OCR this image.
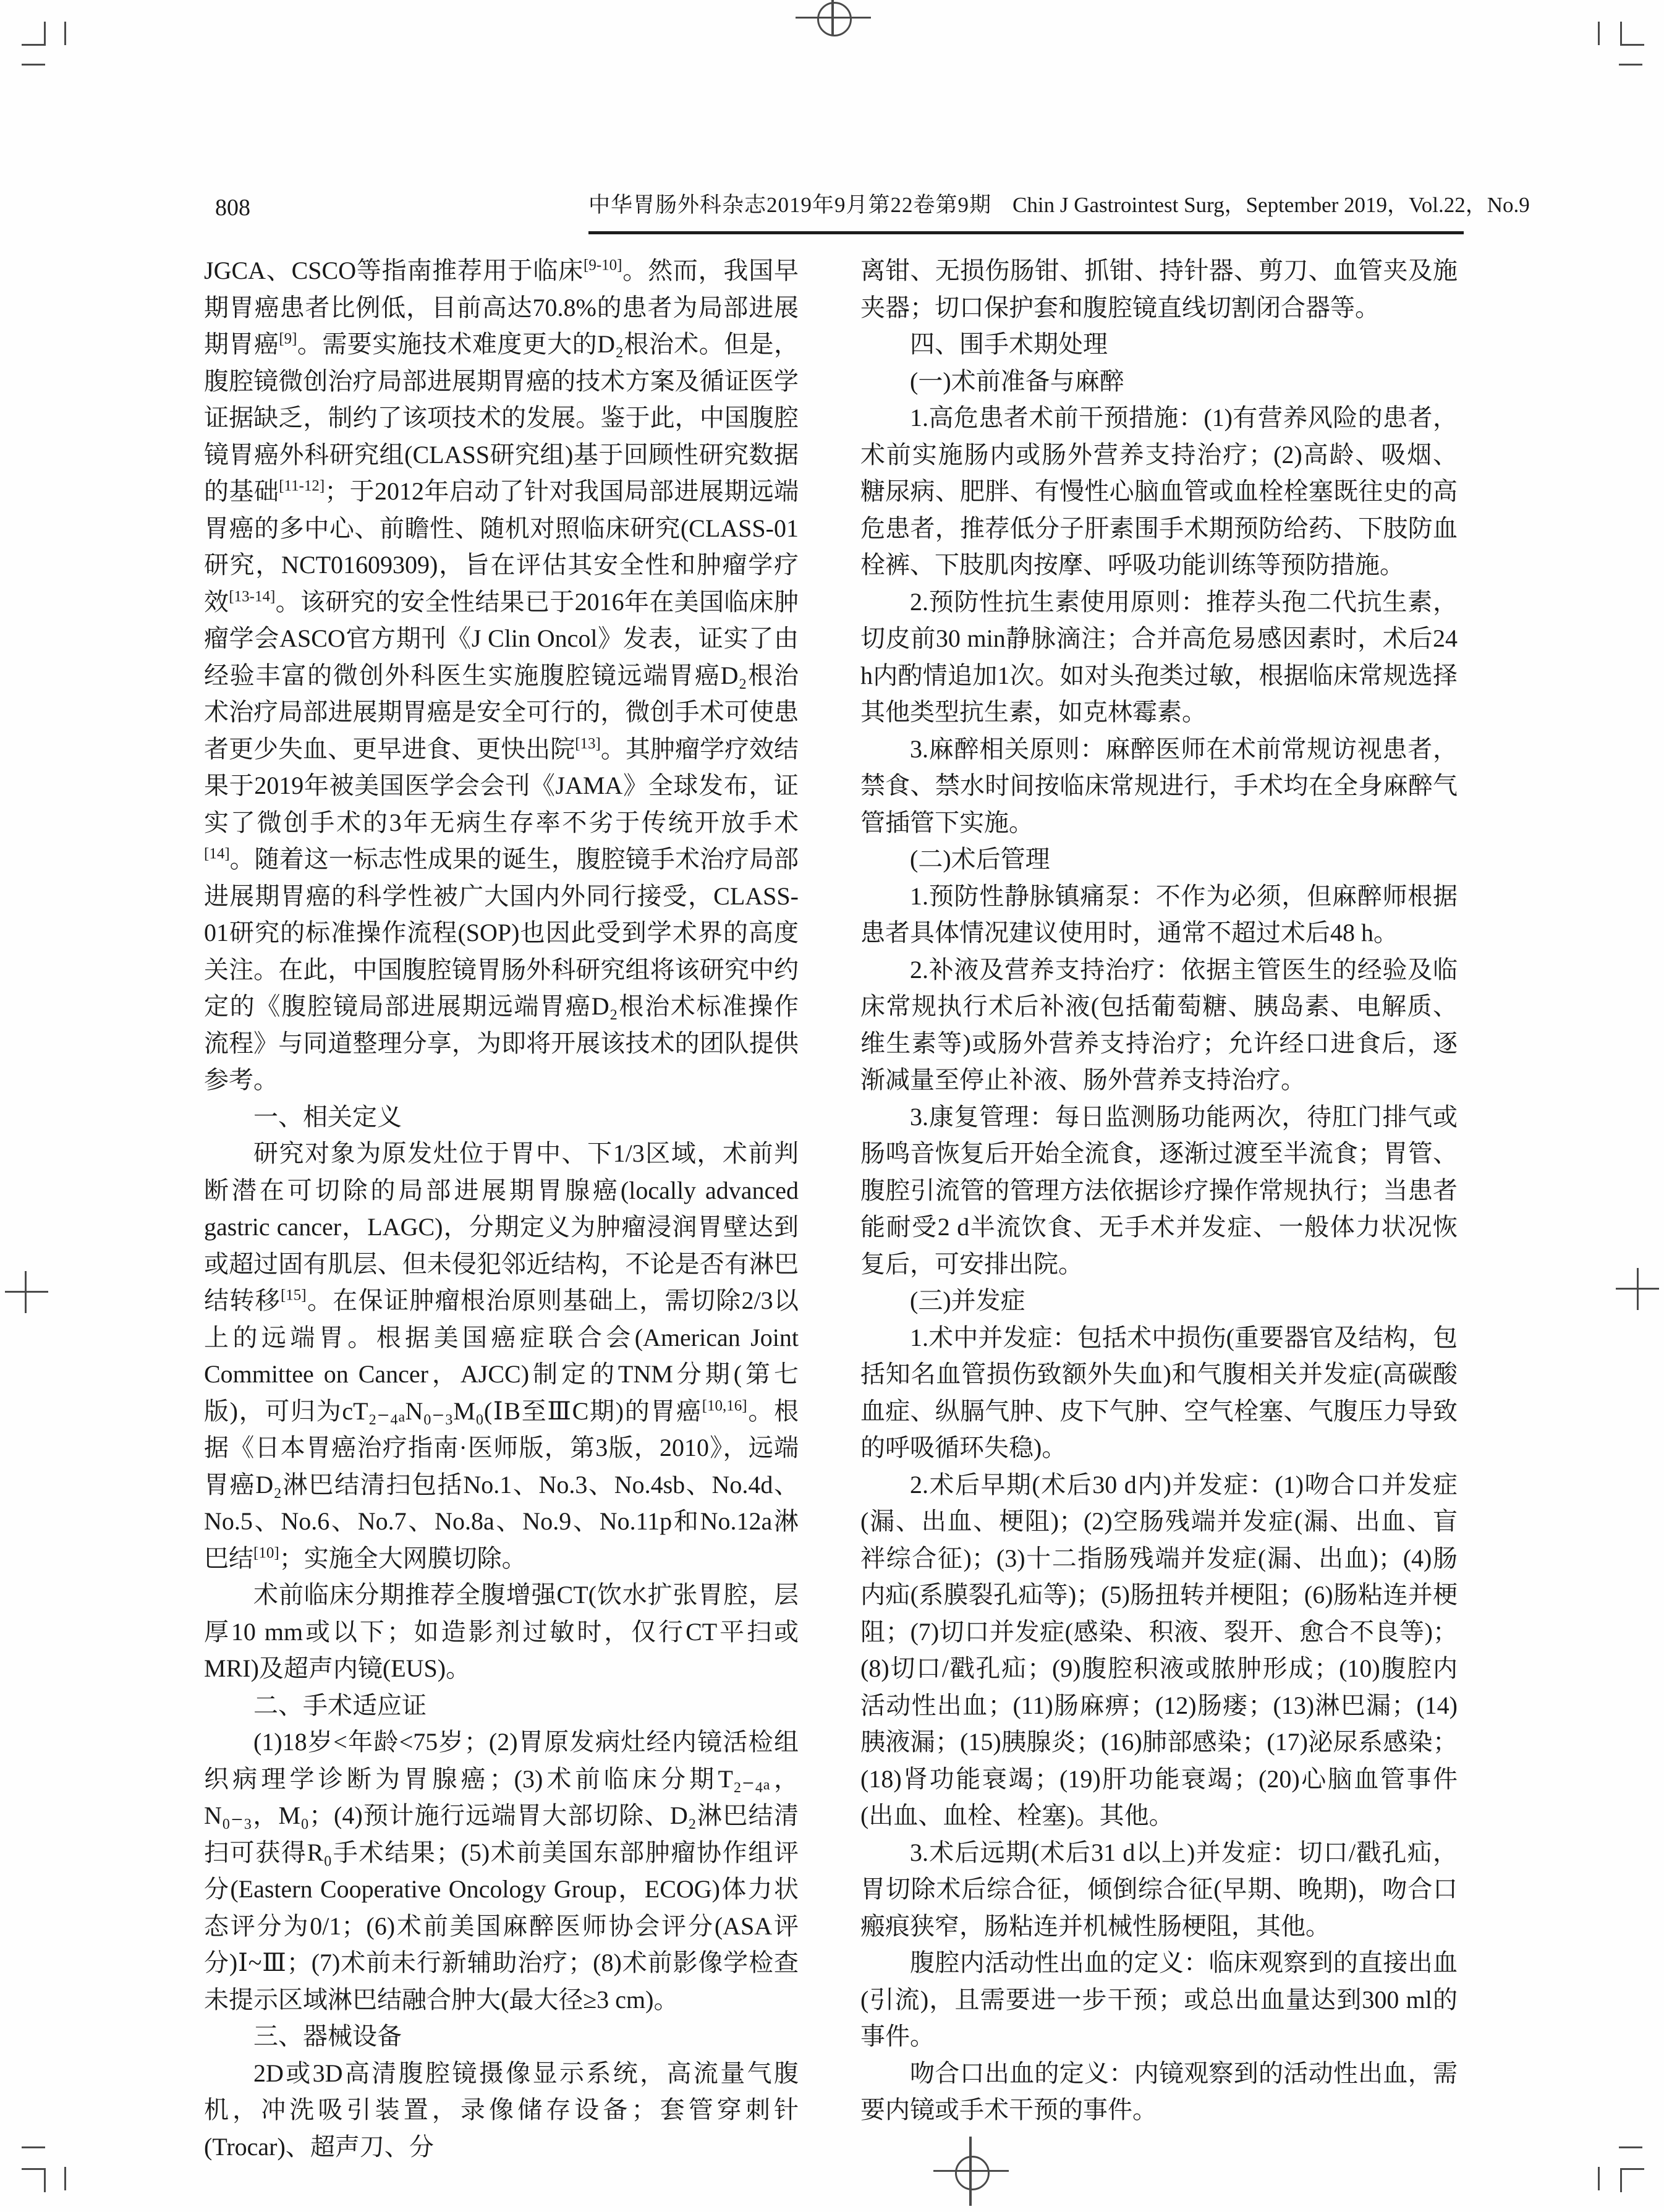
808	中华胃肠外科杂志2019年9月第22卷第9期 Chin J Gastrointest Surg，September 2019，Vol.22，No.9

JGCA、CSCO等指南推荐用于临床[9-10]。然而，我国早期胃癌患者比例低，目前高达70.8%的患者为局部进展期胃癌[9]。需要实施技术难度更大的D₂根治术。但是，腹腔镜微创治疗局部进展期胃癌的技术方案及循证医学证据缺乏，制约了该项技术的发展。鉴于此，中国腹腔镜胃癌外科研究组(CLASS研究组)基于回顾性研究数据的基础[11-12]；于2012年启动了针对我国局部进展期远端胃癌的多中心、前瞻性、随机对照临床研究(CLASS-01研究，NCT01609309)，旨在评估其安全性和肿瘤学疗效[13-14]。该研究的安全性结果已于2016年在美国临床肿瘤学会ASCO官方期刊《J Clin Oncol》发表，证实了由经验丰富的微创外科医生实施腹腔镜远端胃癌D₂根治术治疗局部进展期胃癌是安全可行的，微创手术可使患者更少失血、更早进食、更快出院[13]。其肿瘤学疗效结果于2019年被美国医学会会刊《JAMA》全球发布，证实了微创手术的3年无病生存率不劣于传统开放手术[14]。随着这一标志性成果的诞生，腹腔镜手术治疗局部进展期胃癌的科学性被广大国内外同行接受，CLASS-01研究的标准操作流程(SOP)也因此受到学术界的高度关注。在此，中国腹腔镜胃肠外科研究组将该研究中约定的《腹腔镜局部进展期远端胃癌D₂根治术标准操作流程》与同道整理分享，为即将开展该技术的团队提供参考。

一、相关定义

研究对象为原发灶位于胃中、下1/3区域，术前判断潜在可切除的局部进展期胃腺癌(locally advanced gastric cancer，LAGC)，分期定义为肿瘤浸润胃壁达到或超过固有肌层、但未侵犯邻近结构，不论是否有淋巴结转移[15]。在保证肿瘤根治原则基础上，需切除2/3以上的远端胃。根据美国癌症联合会(American Joint Committee on Cancer，AJCC)制定的TNM分期(第七版)，可归为cT₂₋₄ₐN₀₋₃M₀(ⅠB至ⅢC期)的胃癌[10,16]。根据《日本胃癌治疗指南·医师版，第3版，2010》，远端胃癌D₂淋巴结清扫包括No.1、No.3、No.4sb、No.4d、No.5、No.6、No.7、No.8a、No.9、No.11p和No.12a淋巴结[10]；实施全大网膜切除。

术前临床分期推荐全腹增强CT(饮水扩张胃腔，层厚10 mm或以下；如造影剂过敏时，仅行CT平扫或MRI)及超声内镜(EUS)。

二、手术适应证

(1)18岁<年龄<75岁；(2)胃原发病灶经内镜活检组织病理学诊断为胃腺癌；(3)术前临床分期T₂₋₄ₐ，N₀₋₃，M₀；(4)预计施行远端胃大部切除、D₂淋巴结清扫可获得R₀手术结果；(5)术前美国东部肿瘤协作组评分(Eastern Cooperative Oncology Group，ECOG)体力状态评分为0/1；(6)术前美国麻醉医师协会评分(ASA评分)Ⅰ~Ⅲ；(7)术前未行新辅助治疗；(8)术前影像学检查未提示区域淋巴结融合肿大(最大径≥3 cm)。

三、器械设备

2D或3D高清腹腔镜摄像显示系统，高流量气腹机，冲洗吸引装置，录像储存设备；套管穿刺针(Trocar)、超声刀、分

离钳、无损伤肠钳、抓钳、持针器、剪刀、血管夹及施夹器；切口保护套和腹腔镜直线切割闭合器等。

四、围手术期处理

(一)术前准备与麻醉

1.高危患者术前干预措施：(1)有营养风险的患者，术前实施肠内或肠外营养支持治疗；(2)高龄、吸烟、糖尿病、肥胖、有慢性心脑血管或血栓栓塞既往史的高危患者，推荐低分子肝素围手术期预防给药、下肢防血栓裤、下肢肌肉按摩、呼吸功能训练等预防措施。

2.预防性抗生素使用原则：推荐头孢二代抗生素，切皮前30 min静脉滴注；合并高危易感因素时，术后24 h内酌情追加1次。如对头孢类过敏，根据临床常规选择其他类型抗生素，如克林霉素。

3.麻醉相关原则：麻醉医师在术前常规访视患者，禁食、禁水时间按临床常规进行，手术均在全身麻醉气管插管下实施。

(二)术后管理

1.预防性静脉镇痛泵：不作为必须，但麻醉师根据患者具体情况建议使用时，通常不超过术后48 h。

2.补液及营养支持治疗：依据主管医生的经验及临床常规执行术后补液(包括葡萄糖、胰岛素、电解质、维生素等)或肠外营养支持治疗；允许经口进食后，逐渐减量至停止补液、肠外营养支持治疗。

3.康复管理：每日监测肠功能两次，待肛门排气或肠鸣音恢复后开始全流食，逐渐过渡至半流食；胃管、腹腔引流管的管理方法依据诊疗操作常规执行；当患者能耐受2 d半流饮食、无手术并发症、一般体力状况恢复后，可安排出院。

(三)并发症

1.术中并发症：包括术中损伤(重要器官及结构，包括知名血管损伤致额外失血)和气腹相关并发症(高碳酸血症、纵膈气肿、皮下气肿、空气栓塞、气腹压力导致的呼吸循环失稳)。

2.术后早期(术后30 d内)并发症：(1)吻合口并发症(漏、出血、梗阻)；(2)空肠残端并发症(漏、出血、盲袢综合征)；(3)十二指肠残端并发症(漏、出血)；(4)肠内疝(系膜裂孔疝等)；(5)肠扭转并梗阻；(6)肠粘连并梗阻；(7)切口并发症(感染、积液、裂开、愈合不良等)；(8)切口/戳孔疝；(9)腹腔积液或脓肿形成；(10)腹腔内活动性出血；(11)肠麻痹；(12)肠瘘；(13)淋巴漏；(14)胰液漏；(15)胰腺炎；(16)肺部感染；(17)泌尿系感染；(18)肾功能衰竭；(19)肝功能衰竭；(20)心脑血管事件(出血、血栓、栓塞)。其他。

3.术后远期(术后31 d以上)并发症：切口/戳孔疝，胃切除术后综合征，倾倒综合征(早期、晚期)，吻合口瘢痕狭窄，肠粘连并机械性肠梗阻，其他。

腹腔内活动性出血的定义：临床观察到的直接出血(引流)，且需要进一步干预；或总出血量达到300 ml的事件。

吻合口出血的定义：内镜观察到的活动性出血，需要内镜或手术干预的事件。
